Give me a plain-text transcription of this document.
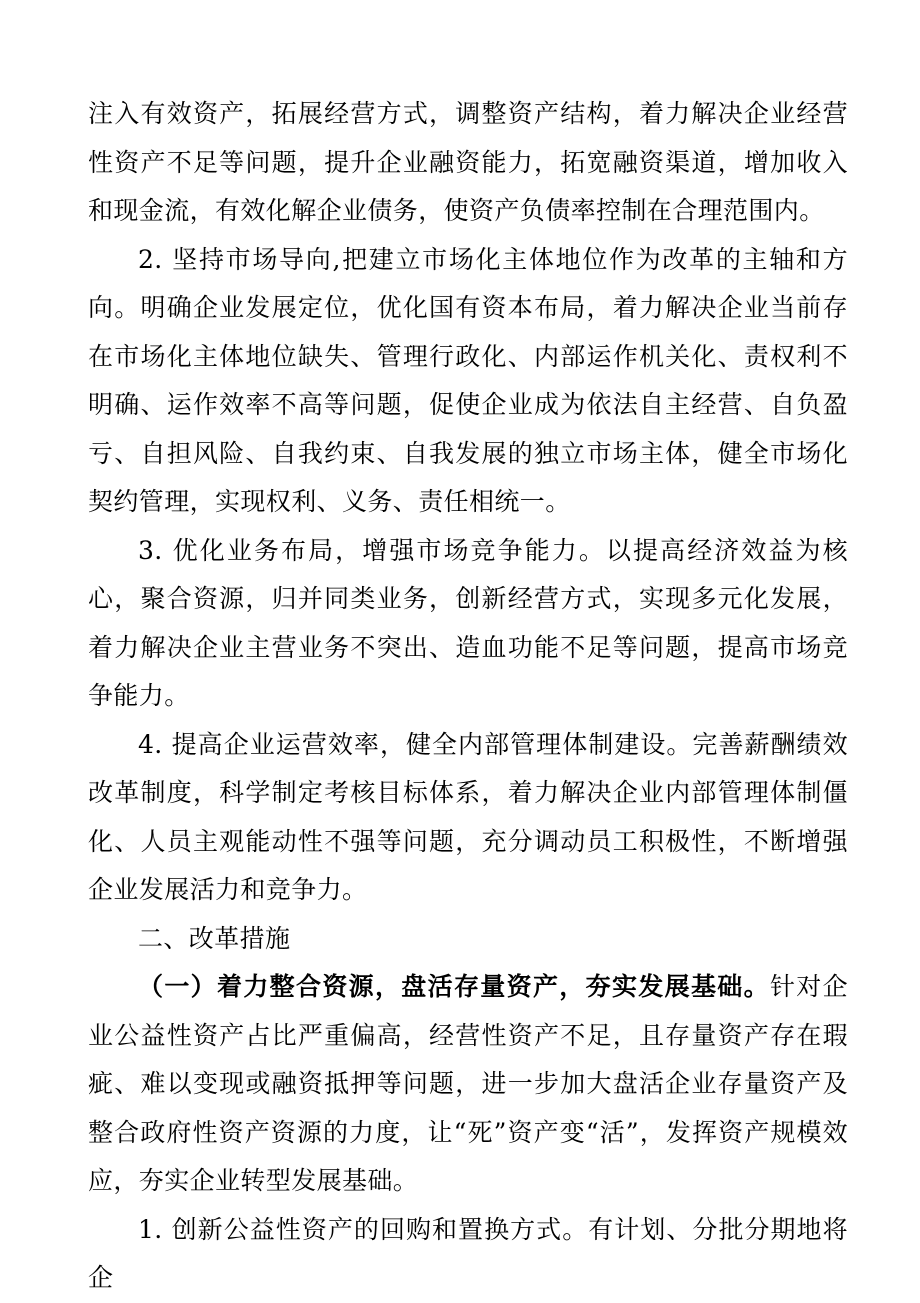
注入有效资产，拓展经营方式，调整资产结构，着力解决企业经营性资产不足等问题，提升企业融资能力，拓宽融资渠道，增加收入和现金流，有效化解企业债务，使资产负债率控制在合理范围内。

2. 坚持市场导向,把建立市场化主体地位作为改革的主轴和方向。明确企业发展定位，优化国有资本布局，着力解决企业当前存在市场化主体地位缺失、管理行政化、内部运作机关化、责权利不明确、运作效率不高等问题，促使企业成为依法自主经营、自负盈亏、自担风险、自我约束、自我发展的独立市场主体，健全市场化契约管理，实现权利、义务、责任相统一。

3. 优化业务布局，增强市场竞争能力。以提高经济效益为核心，聚合资源，归并同类业务，创新经营方式，实现多元化发展，着力解决企业主营业务不突出、造血功能不足等问题，提高市场竞争能力。

4. 提高企业运营效率，健全内部管理体制建设。完善薪酬绩效改革制度，科学制定考核目标体系，着力解决企业内部管理体制僵化、人员主观能动性不强等问题，充分调动员工积极性，不断增强企业发展活力和竞争力。

二、改革措施

（一）着力整合资源，盘活存量资产，夯实发展基础。针对企业公益性资产占比严重偏高，经营性资产不足，且存量资产存在瑕疵、难以变现或融资抵押等问题，进一步加大盘活企业存量资产及整合政府性资产资源的力度，让“死”资产变“活”，发挥资产规模效应，夯实企业转型发展基础。

1. 创新公益性资产的回购和置换方式。有计划、分批分期地将企
